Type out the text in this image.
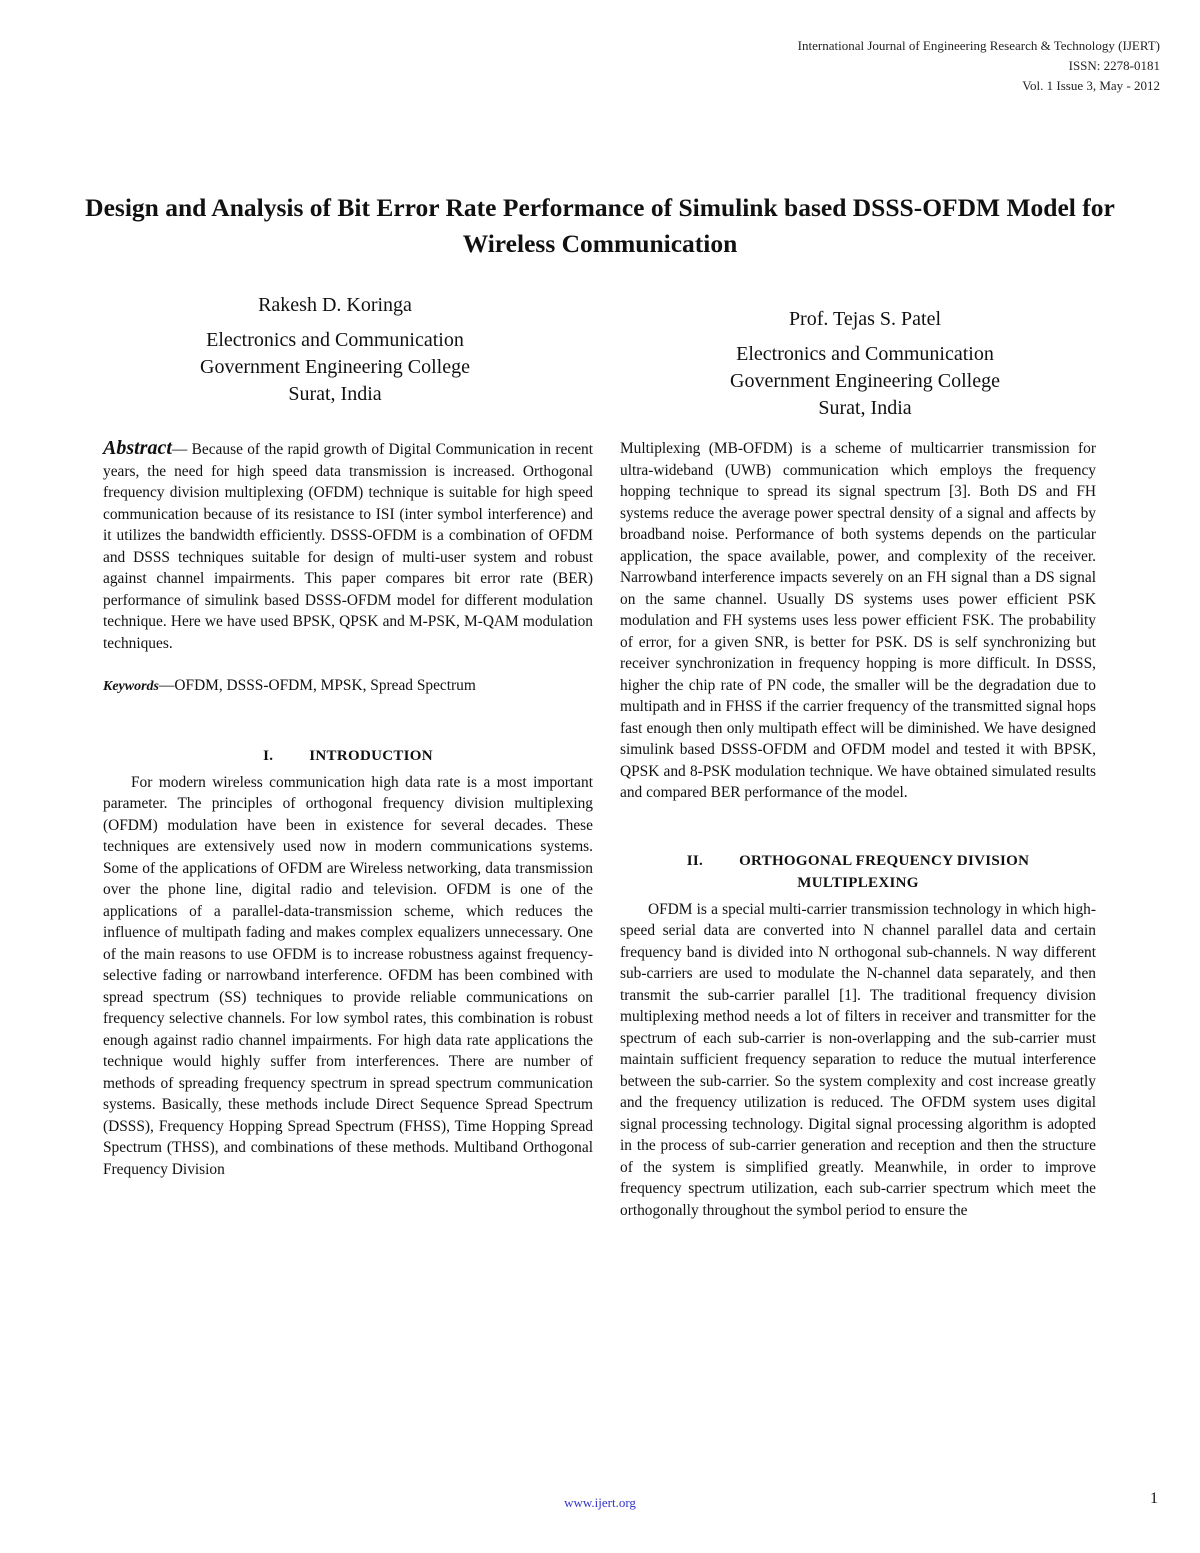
International Journal of Engineering Research & Technology (IJERT)
ISSN: 2278-0181
Vol. 1 Issue 3, May - 2012
Design and Analysis of Bit Error Rate Performance of Simulink based DSSS-OFDM Model for Wireless Communication
Rakesh D. Koringa
Electronics and Communication
Government Engineering College
Surat, India
Prof. Tejas S. Patel
Electronics and Communication
Government Engineering College
Surat, India

Abstract— Because of the rapid growth of Digital Communication in recent years, the need for high speed data transmission is increased. Orthogonal frequency division multiplexing (OFDM) technique is suitable for high speed communication because of its resistance to ISI (inter symbol interference) and it utilizes the bandwidth efficiently. DSSS-OFDM is a combination of OFDM and DSSS techniques suitable for design of multi-user system and robust against channel impairments. This paper compares bit error rate (BER) performance of simulink based DSSS-OFDM model for different modulation technique. Here we have used BPSK, QPSK and M-PSK, M-QAM modulation techniques.

Keywords—OFDM, DSSS-OFDM, MPSK, Spread Spectrum

I. INTRODUCTION

For modern wireless communication high data rate is a most important parameter. The principles of orthogonal frequency division multiplexing (OFDM) modulation have been in existence for several decades. These techniques are extensively used now in modern communications systems. Some of the applications of OFDM are Wireless networking, data transmission over the phone line, digital radio and television. OFDM is one of the applications of a parallel-data-transmission scheme, which reduces the influence of multipath fading and makes complex equalizers unnecessary. One of the main reasons to use OFDM is to increase robustness against frequency-selective fading or narrowband interference. OFDM has been combined with spread spectrum (SS) techniques to provide reliable communications on frequency selective channels. For low symbol rates, this combination is robust enough against radio channel impairments. For high data rate applications the technique would highly suffer from interferences. There are number of methods of spreading frequency spectrum in spread spectrum communication systems. Basically, these methods include Direct Sequence Spread Spectrum (DSSS), Frequency Hopping Spread Spectrum (FHSS), Time Hopping Spread Spectrum (THSS), and combinations of these methods. Multiband Orthogonal Frequency Division

Multiplexing (MB-OFDM) is a scheme of multicarrier transmission for ultra-wideband (UWB) communication which employs the frequency hopping technique to spread its signal spectrum [3]. Both DS and FH systems reduce the average power spectral density of a signal and affects by broadband noise. Performance of both systems depends on the particular application, the space available, power, and complexity of the receiver. Narrowband interference impacts severely on an FH signal than a DS signal on the same channel. Usually DS systems uses power efficient PSK modulation and FH systems uses less power efficient FSK. The probability of error, for a given SNR, is better for PSK. DS is self synchronizing but receiver synchronization in frequency hopping is more difficult. In DSSS, higher the chip rate of PN code, the smaller will be the degradation due to multipath and in FHSS if the carrier frequency of the transmitted signal hops fast enough then only multipath effect will be diminished. We have designed simulink based DSSS-OFDM and OFDM model and tested it with BPSK, QPSK and 8-PSK modulation technique. We have obtained simulated results and compared BER performance of the model.

II. ORTHOGONAL FREQUENCY DIVISION
MULTIPLEXING

OFDM is a special multi-carrier transmission technology in which high-speed serial data are converted into N channel parallel data and certain frequency band is divided into N orthogonal sub-channels. N way different sub-carriers are used to modulate the N-channel data separately, and then transmit the sub-carrier parallel [1]. The traditional frequency division multiplexing method needs a lot of filters in receiver and transmitter for the spectrum of each sub-carrier is non-overlapping and the sub-carrier must maintain sufficient frequency separation to reduce the mutual interference between the sub-carrier. So the system complexity and cost increase greatly and the frequency utilization is reduced. The OFDM system uses digital signal processing technology. Digital signal processing algorithm is adopted in the process of sub-carrier generation and reception and then the structure of the system is simplified greatly. Meanwhile, in order to improve frequency spectrum utilization, each sub-carrier spectrum which meet the orthogonally throughout the symbol period to ensure the

www.ijert.org	1
